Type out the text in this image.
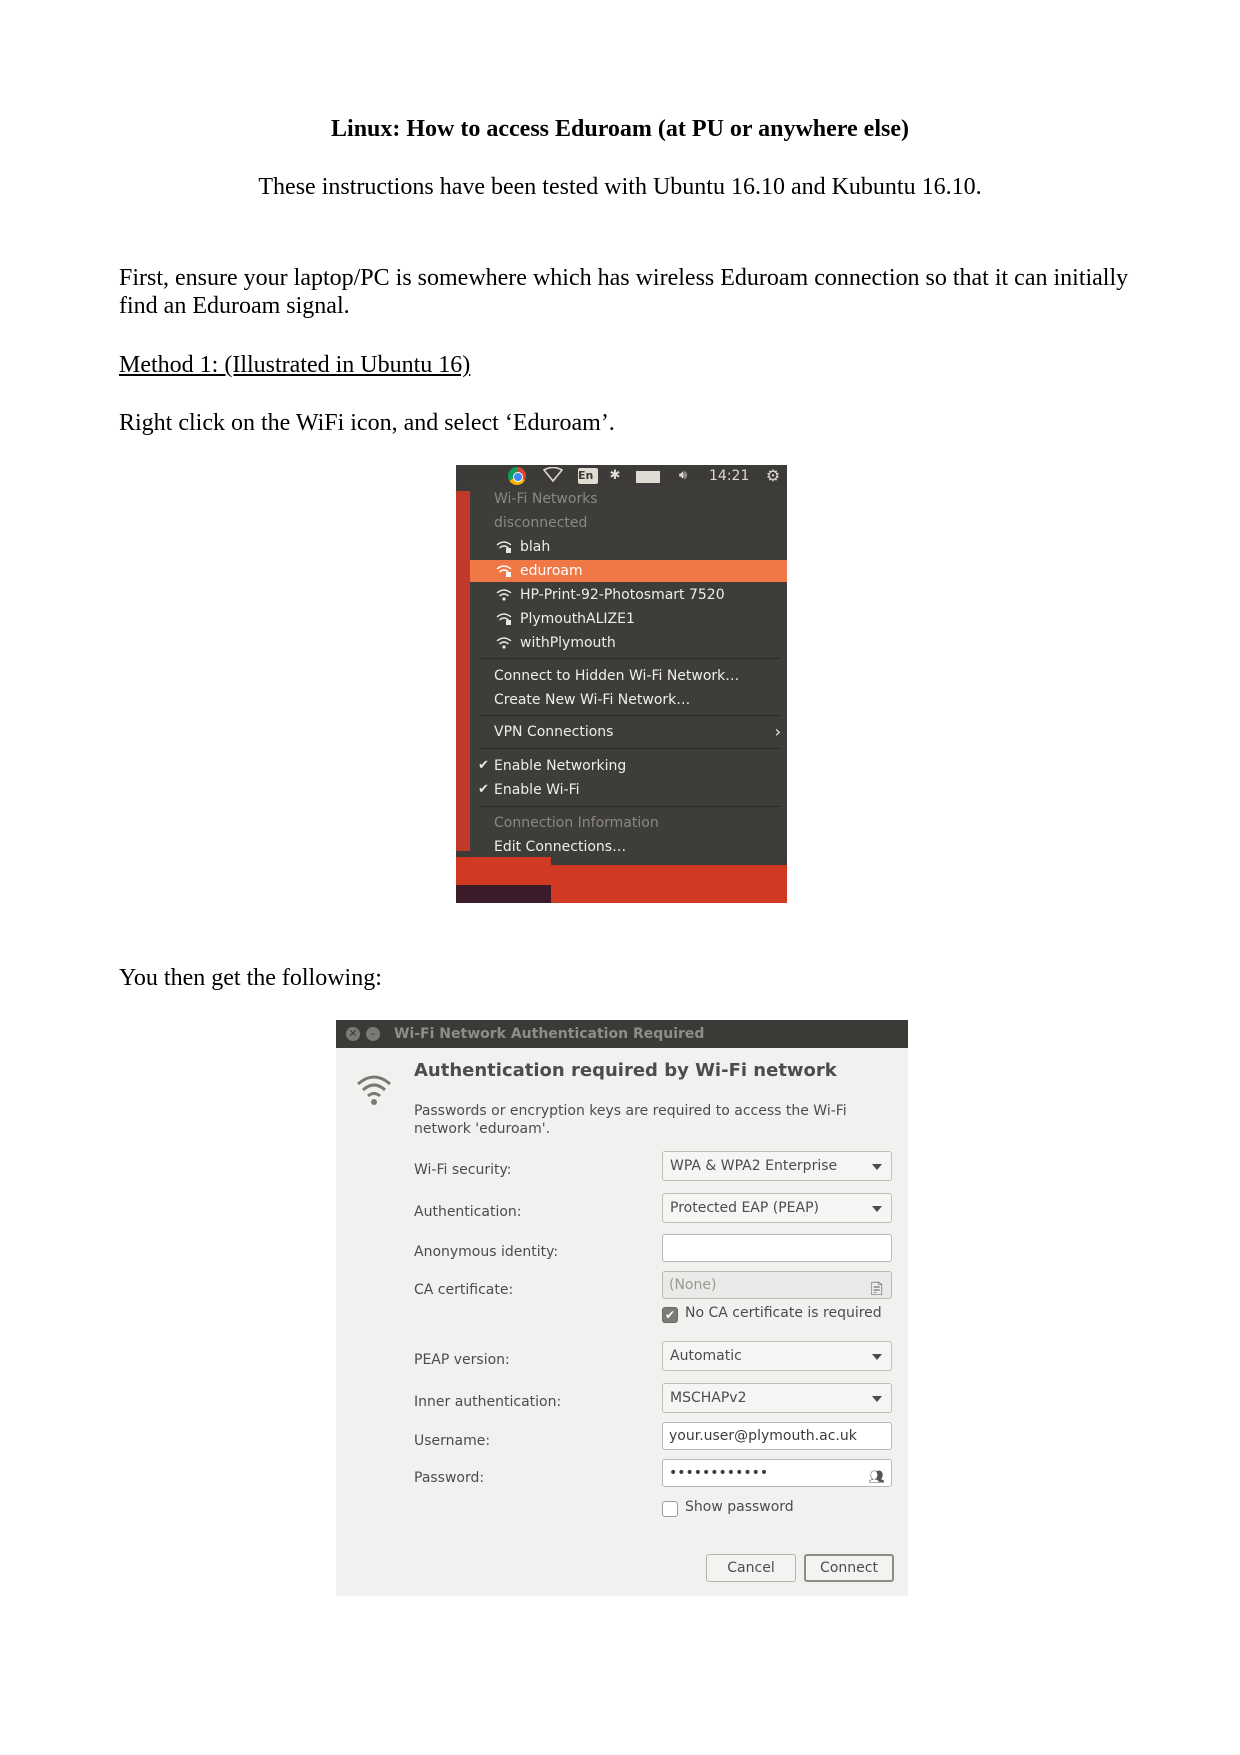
Linux: How to access Eduroam (at PU or anywhere else)
These instructions have been tested with Ubuntu 16.10 and Kubuntu 16.10.
First, ensure your laptop/PC is somewhere which has wireless Eduroam connection so that it can initially find an Eduroam signal.
Method 1: (Illustrated in Ubuntu 16)
Right click on the WiFi icon, and select ‘Eduroam’.
En	✱	🔊︎	14:21 ⚙
Wi-Fi Networks
disconnected
blah
eduroam
HP-Print-92-Photosmart 7520
PlymouthALIZE1
withPlymouth
Connect to Hidden Wi-Fi Network…
Create New Wi-Fi Network…
VPN Connections	›
✔ Enable Networking
✔ Enable Wi-Fi
Connection Information
Edit Connections…
You then get the following:
✕	–	Wi-Fi Network Authentication Required
Authentication required by Wi-Fi network
Passwords or encryption keys are required to access the Wi-Fi network 'eduroam'.
Wi-Fi security:	WPA & WPA2 Enterprise
Authentication:	Protected EAP (PEAP)
Anonymous identity:
CA certificate:	(None)	📄︎
✔ No CA certificate is required
PEAP version:	Automatic
Inner authentication:	MSCHAPv2
Username:	your.user@plymouth.ac.uk
Password:	••••••••••••	👥︎
Show password
Cancel	Connect
